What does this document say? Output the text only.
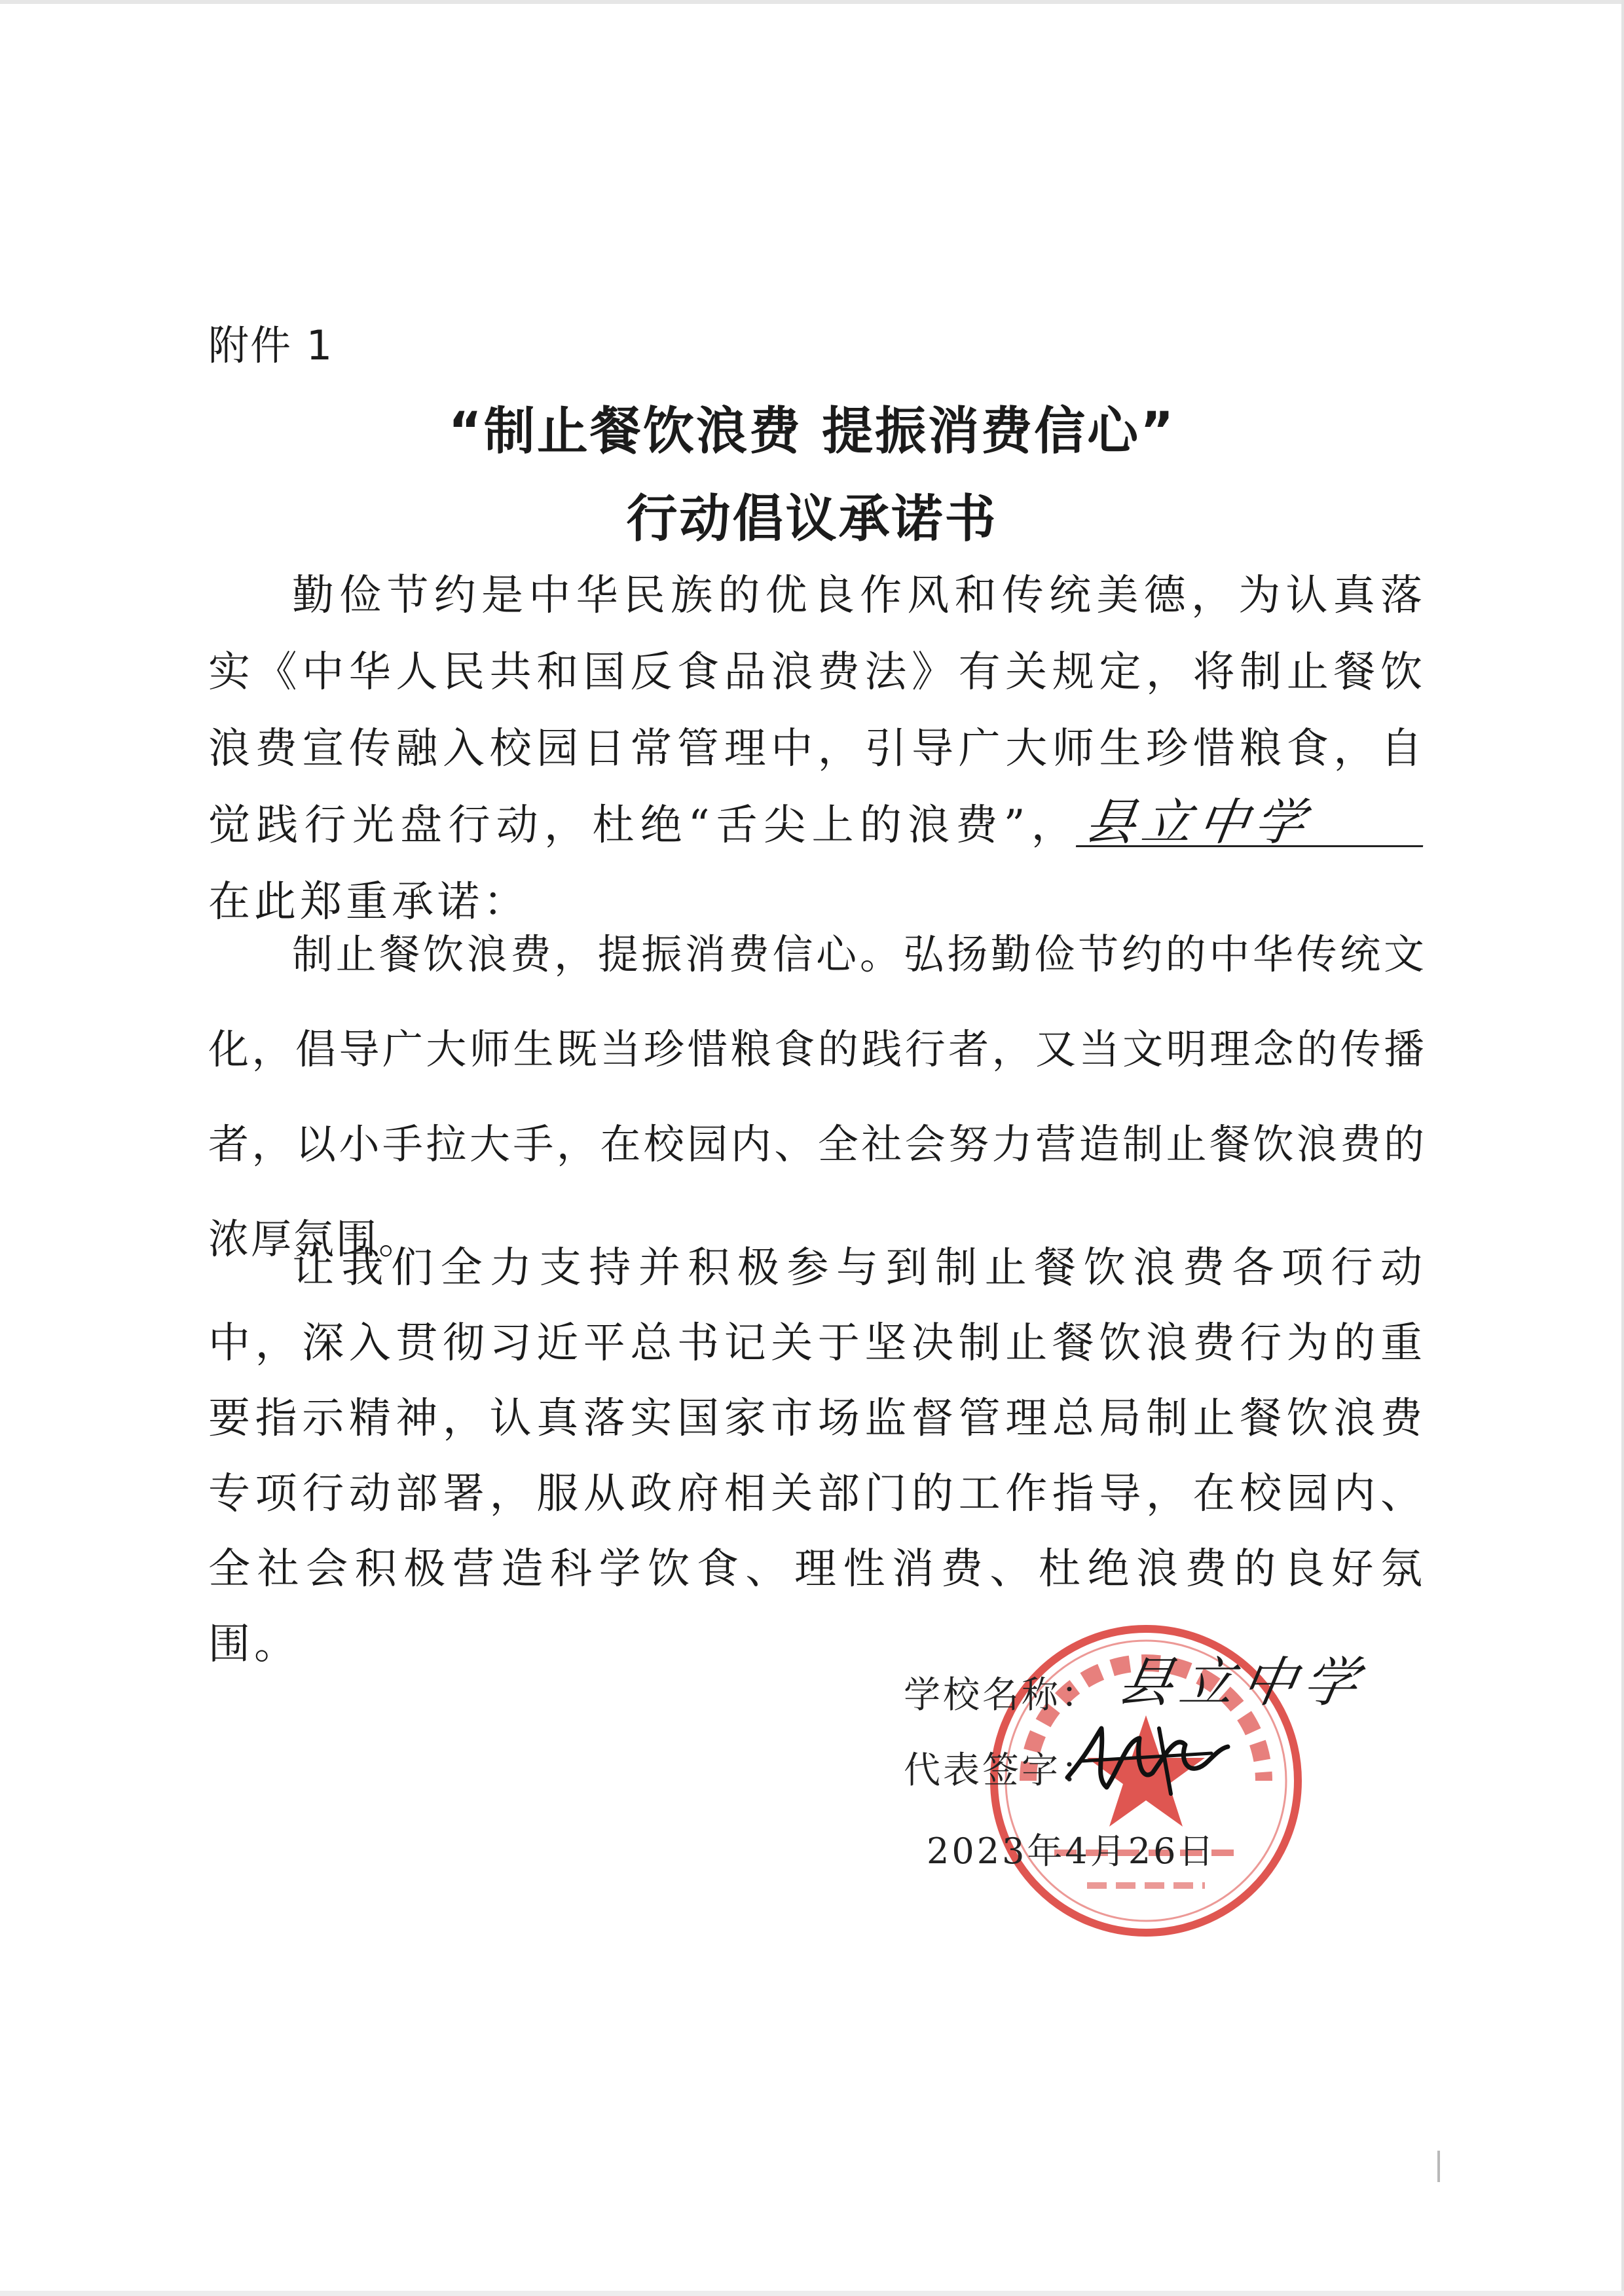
附件 1
“制止餐饮浪费 提振消费信心”
行动倡议承诺书
勤俭节约是中华民族的优良作风和传统美德，为认真落实《中华人民共和国反食品浪费法》有关规定，将制止餐饮浪费宣传融入校园日常管理中，引导广大师生珍惜粮食，自觉践行光盘行动，杜绝“舌尖上的浪费”，县立中学在此郑重承诺：
制止餐饮浪费，提振消费信心。弘扬勤俭节约的中华传统文化，倡导广大师生既当珍惜粮食的践行者，又当文明理念的传播者，以小手拉大手，在校园内、全社会努力营造制止餐饮浪费的浓厚氛围。
让我们全力支持并积极参与到制止餐饮浪费各项行动中，深入贯彻习近平总书记关于坚决制止餐饮浪费行为的重要指示精神，认真落实国家市场监督管理总局制止餐饮浪费专项行动部署，服从政府相关部门的工作指导，在校园内、全社会积极营造科学饮食、理性消费、杜绝浪费的良好氛围。
学校名称： 县立中学
代表签字：
2023年4月26日
